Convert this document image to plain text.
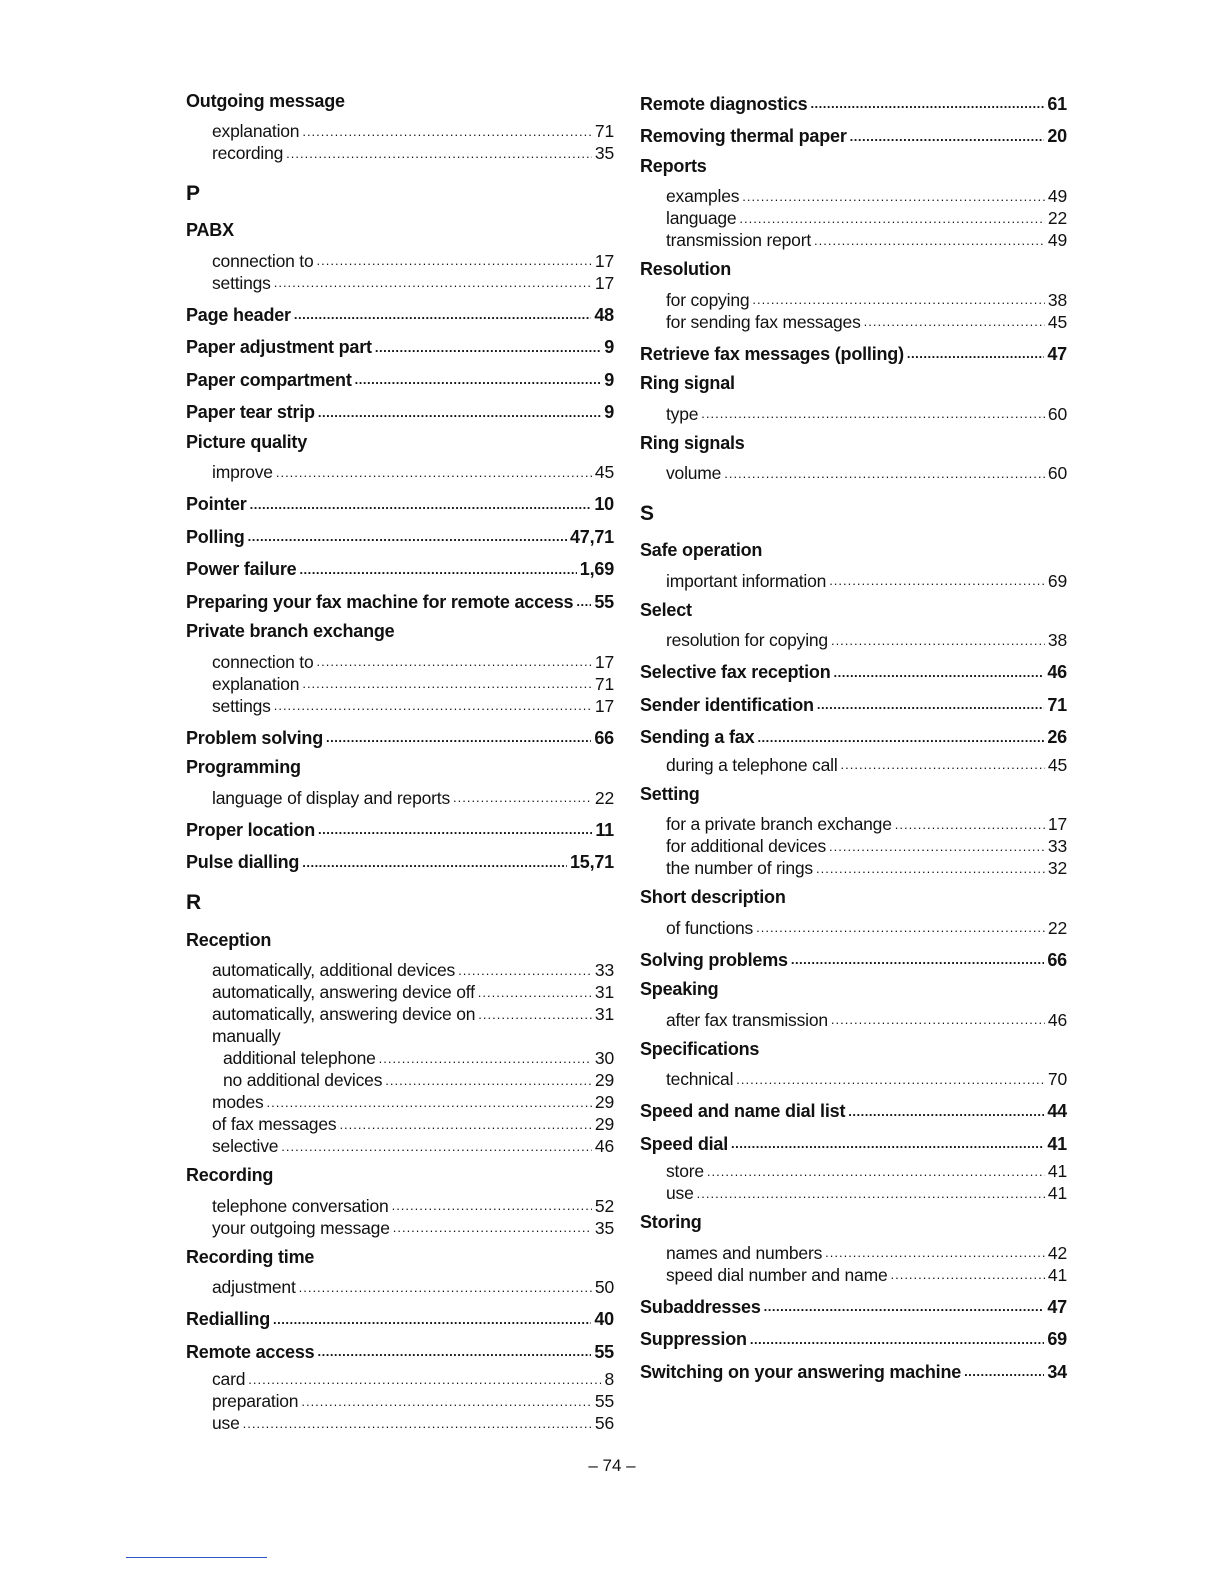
Outgoing message
explanation .....	71
recording .....	35
P
PABX
connection to .....	17
settings .....	17
Page header .....	48
Paper adjustment part .....	9
Paper compartment .....	9
Paper tear strip .....	9
Picture quality
improve .....	45
Pointer .....	10
Polling .....	47,71
Power failure .....	1,69
Preparing your fax machine for remote access ..... 55
Private branch exchange
connection to .....	17
explanation .....	71
settings .....	17
Problem solving .....	66
Programming
language of display and reports .....	22
Proper location .....	11
Pulse dialling .....	15,71
R
Reception
automatically, additional devices .....	33
automatically, answering device off .....	31
automatically, answering device on .....	31
manually
additional telephone .....	30
no additional devices .....	29
modes .....	29
of fax messages .....	29
selective .....	46
Recording
telephone conversation .....	52
your outgoing message .....	35
Recording time
adjustment .....	50
Redialling .....	40
Remote access .....	55
card .....	8
preparation .....	55
use .....	56
Remote diagnostics .....	61
Removing thermal paper .....	20
Reports
examples .....	49
language .....	22
transmission report .....	49
Resolution
for copying .....	38
for sending fax messages .....	45
Retrieve fax messages (polling) .....	47
Ring signal
type .....	60
Ring signals
volume .....	60
S
Safe operation
important information .....	69
Select
resolution for copying .....	38
Selective fax reception .....	46
Sender identification .....	71
Sending a fax .....	26
during a telephone call .....	45
Setting
for a private branch exchange .....	17
for additional devices .....	33
the number of rings .....	32
Short description
of functions .....	22
Solving problems .....	66
Speaking
after fax transmission .....	46
Specifications
technical .....	70
Speed and name dial list .....	44
Speed dial .....	41
store .....	41
use .....	41
Storing
names and numbers .....	42
speed dial number and name .....	41
Subaddresses .....	47
Suppression .....	69
Switching on your answering machine .....	34
– 74 –
